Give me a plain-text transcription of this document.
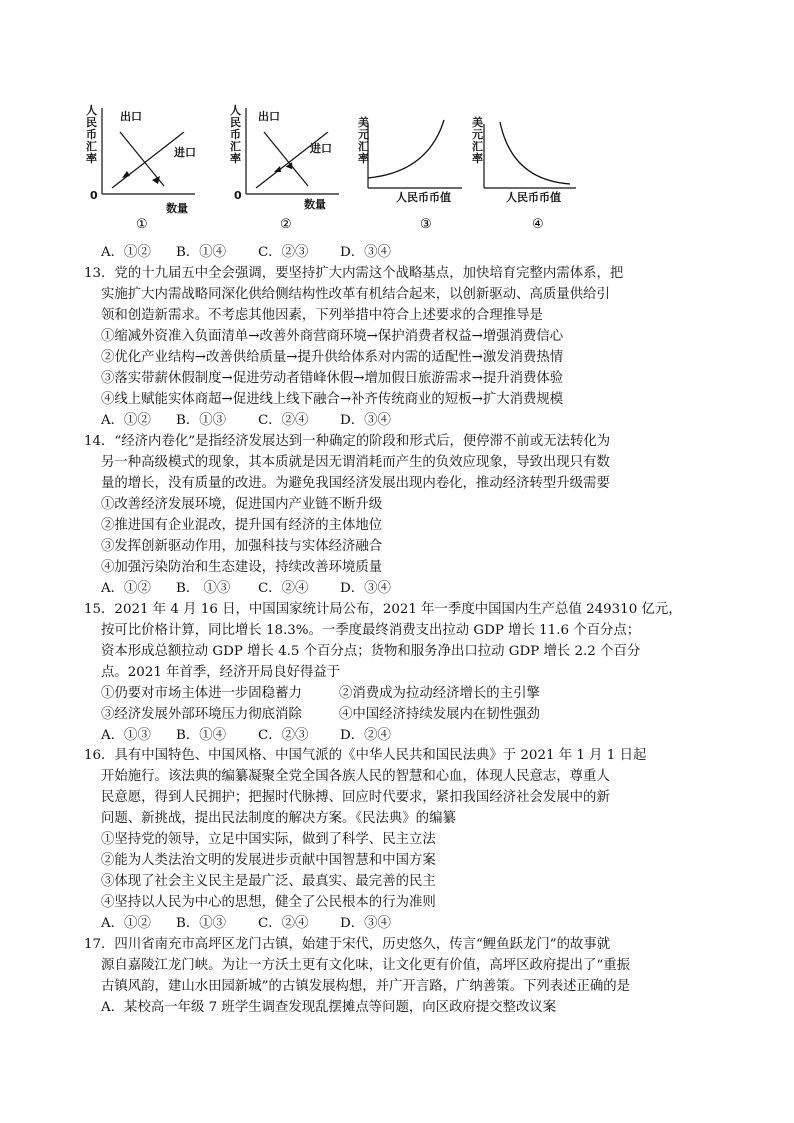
人民币汇率
0
出口
进口
数量
①
人民币汇率
0
出口
进口
数量
②
美元汇率
人民币币值
③
美元汇率
人民币币值
④
A．①② B．①④ C．②③ D．③④
13．党的十九届五中全会强调，要坚持扩大内需这个战略基点，加快培育完整内需体系，把
实施扩大内需战略同深化供给侧结构性改革有机结合起来，以创新驱动、高质量供给引
领和创造新需求。不考虑其他因素，下列举措中符合上述要求的合理推导是
①缩减外资准入负面清单→改善外商营商环境→保护消费者权益→增强消费信心
②优化产业结构→改善供给质量→提升供给体系对内需的适配性→激发消费热情
③落实带薪休假制度→促进劳动者错峰休假→增加假日旅游需求→提升消费体验
④线上赋能实体商超→促进线上线下融合→补齐传统商业的短板→扩大消费规模
A．①② B．①③ C．②④ D．③④
14．“经济内卷化”是指经济发展达到一种确定的阶段和形式后，便停滞不前或无法转化为
另一种高级模式的现象，其本质就是因无谓消耗而产生的负效应现象，导致出现只有数
量的增长，没有质量的改进。为避免我国经济发展出现内卷化，推动经济转型升级需要
①改善经济发展环境，促进国内产业链不断升级
②推进国有企业混改，提升国有经济的主体地位
③发挥创新驱动作用，加强科技与实体经济融合
④加强污染防治和生态建设，持续改善环境质量
A．①② B． ①③ C．②④ D．③④
15．2021 年 4 月 16 日，中国国家统计局公布，2021 年一季度中国国内生产总值 249310 亿元，
按可比价格计算，同比增长 18.3%。一季度最终消费支出拉动 GDP 增长 11.6 个百分点；
资本形成总额拉动 GDP 增长 4.5 个百分点；货物和服务净出口拉动 GDP 增长 2.2 个百分
点。2021 年首季，经济开局良好得益于
①仍要对市场主体进一步固稳蓄力	②消费成为拉动经济增长的主引擎
③经济发展外部环境压力彻底消除	④中国经济持续发展内在韧性强劲
A．①③ B．①④ C．②③ D．②④
16．具有中国特色、中国风格、中国气派的《中华人民共和国民法典》于 2021 年 1 月 1 日起
开始施行。该法典的编纂凝聚全党全国各族人民的智慧和心血，体现人民意志，尊重人
民意愿，得到人民拥护；把握时代脉搏、回应时代要求，紧扣我国经济社会发展中的新
问题、新挑战，提出民法制度的解决方案。《民法典》的编纂
①坚持党的领导，立足中国实际，做到了科学、民主立法
②能为人类法治文明的发展进步贡献中国智慧和中国方案
③体现了社会主义民主是最广泛、最真实、最完善的民主
④坚持以人民为中心的思想，健全了公民根本的行为准则
A．①② B．①③ C．②④ D．③④
17．四川省南充市高坪区龙门古镇，始建于宋代，历史悠久，传言“鲤鱼跃龙门”的故事就
源自嘉陵江龙门峡。为让一方沃土更有文化味，让文化更有价值，高坪区政府提出了“重振
古镇风韵，建山水田园新城”的古镇发展构想，并广开言路，广纳善策。下列表述正确的是
A．某校高一年级 7 班学生调查发现乱摆摊点等问题，向区政府提交整改议案
